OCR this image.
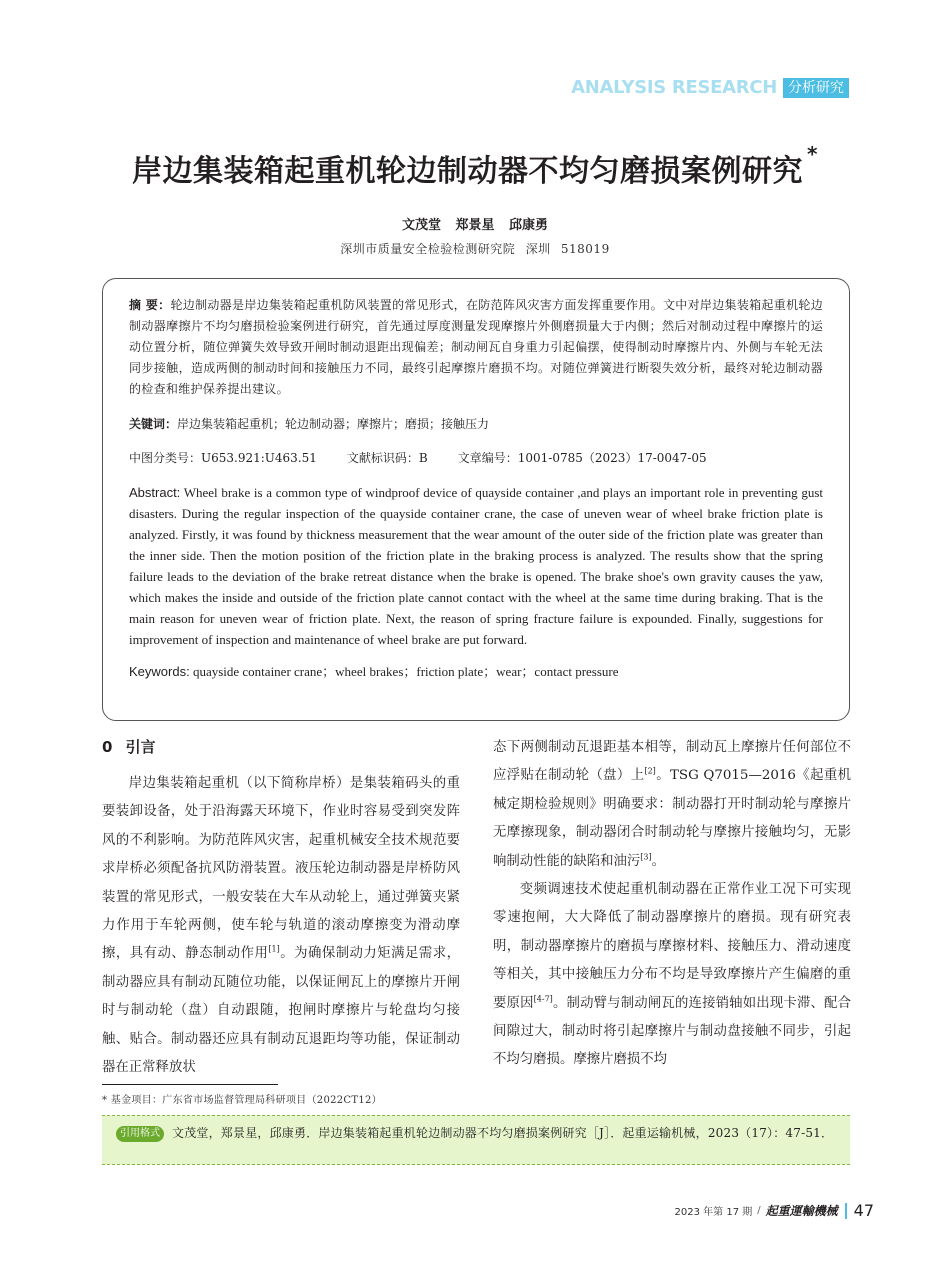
ANALYSIS RESEARCH 分析研究
岸边集装箱起重机轮边制动器不均匀磨损案例研究 *
文茂堂 郑景星 邱康勇
深圳市质量安全检验检测研究院 深圳 518019

摘 要：轮边制动器是岸边集装箱起重机防风装置的常见形式，在防范阵风灾害方面发挥重要作用。文中对岸边集装箱起重机轮边制动器摩擦片不均匀磨损检验案例进行研究，首先通过厚度测量发现摩擦片外侧磨损量大于内侧；然后对制动过程中摩擦片的运动位置分析，随位弹簧失效导致开闸时制动退距出现偏差；制动闸瓦自身重力引起偏摆，使得制动时摩擦片内、外侧与车轮无法同步接触，造成两侧的制动时间和接触压力不同，最终引起摩擦片磨损不均。对随位弹簧进行断裂失效分析，最终对轮边制动器的检查和维护保养提出建议。

关键词：岸边集装箱起重机；轮边制动器；摩擦片；磨损；接触压力

中图分类号：U653.921:U463.51	文献标识码：B	文章编号：1001-0785（2023）17-0047-05

Abstract: Wheel brake is a common type of windproof device of quayside container ,and plays an important role in preventing gust disasters. During the regular inspection of the quayside container crane, the case of uneven wear of wheel brake friction plate is analyzed. Firstly, it was found by thickness measurement that the wear amount of the outer side of the friction plate was greater than the inner side. Then the motion position of the friction plate in the braking process is analyzed. The results show that the spring failure leads to the deviation of the brake retreat distance when the brake is opened. The brake shoe's own gravity causes the yaw, which makes the inside and outside of the friction plate cannot contact with the wheel at the same time during braking. That is the main reason for uneven wear of friction plate. Next, the reason of spring fracture failure is expounded. Finally, suggestions for improvement of inspection and maintenance of wheel brake are put forward.

Keywords: quayside container crane；wheel brakes；friction plate；wear；contact pressure

0 引言

岸边集装箱起重机（以下简称岸桥）是集装箱码头的重要装卸设备，处于沿海露天环境下，作业时容易受到突发阵风的不利影响。为防范阵风灾害，起重机械安全技术规范要求岸桥必须配备抗风防滑装置。液压轮边制动器是岸桥防风装置的常见形式，一般安装在大车从动轮上，通过弹簧夹紧力作用于车轮两侧，使车轮与轨道的滚动摩擦变为滑动摩擦，具有动、静态制动作用[1]。为确保制动力矩满足需求，制动器应具有制动瓦随位功能，以保证闸瓦上的摩擦片开闸时与制动轮（盘）自动跟随，抱闸时摩擦片与轮盘均匀接触、贴合。制动器还应具有制动瓦退距均等功能，保证制动器在正常释放状

态下两侧制动瓦退距基本相等，制动瓦上摩擦片任何部位不应浮贴在制动轮（盘）上[2]。TSG Q7015—2016《起重机械定期检验规则》明确要求：制动器打开时制动轮与摩擦片无摩擦现象，制动器闭合时制动轮与摩擦片接触均匀，无影响制动性能的缺陷和油污[3]。

变频调速技术使起重机制动器在正常作业工况下可实现零速抱闸，大大降低了制动器摩擦片的磨损。现有研究表明，制动器摩擦片的磨损与摩擦材料、接触压力、滑动速度等相关，其中接触压力分布不均是导致摩擦片产生偏磨的重要原因[4-7]。制动臂与制动闸瓦的连接销轴如出现卡滞、配合间隙过大，制动时将引起摩擦片与制动盘接触不同步，引起不均匀磨损。摩擦片磨损不均

* 基金项目：广东省市场监督管理局科研项目（2022CT12）
引用格式	文茂堂，郑景星，邱康勇．岸边集装箱起重机轮边制动器不均匀磨损案例研究［J］．起重运输机械，2023（17）：47-51．
2023 年第 17 期 / 起重運輸機械 47
